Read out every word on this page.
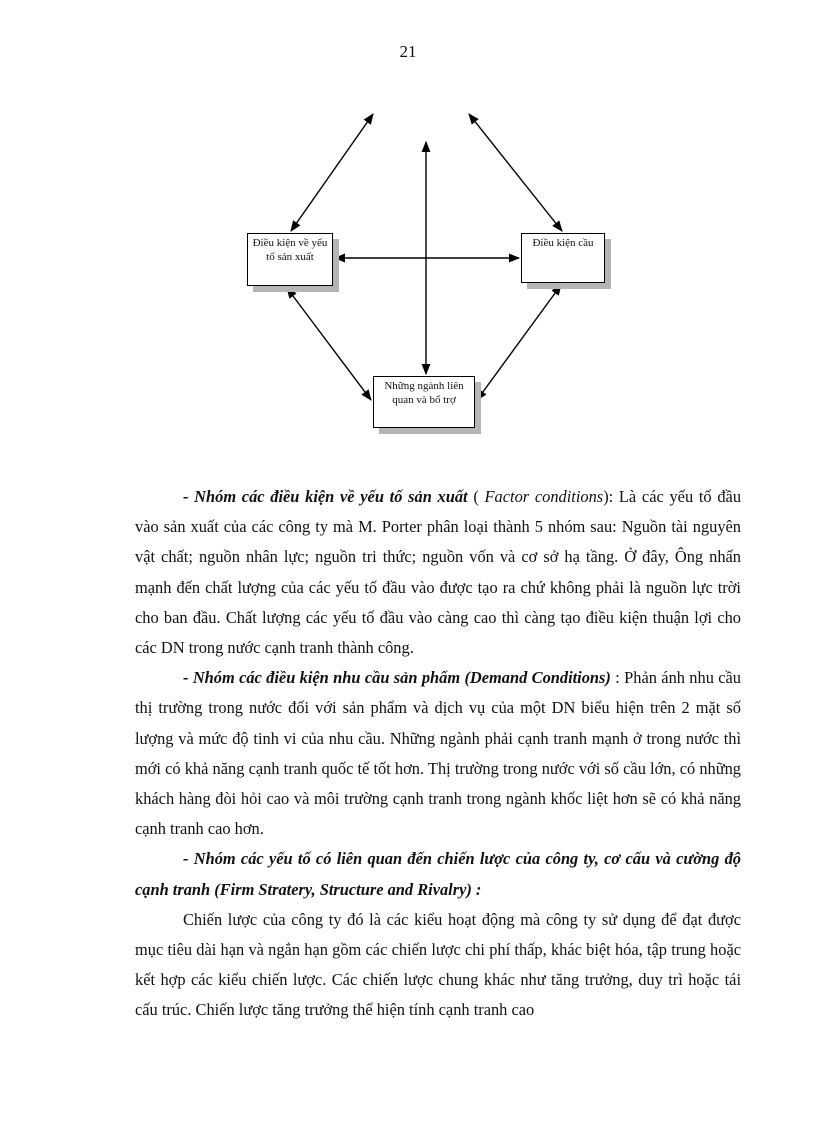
21
Điều kiện về yếu tố sản xuất
Điều kiện cầu
Những ngành liên quan và bổ trợ

- Nhóm các điều kiện về yếu tố sản xuất ( Factor conditions): Là các yếu tố đầu vào sản xuất của các công ty mà M. Porter phân loại thành 5 nhóm sau: Nguồn tài nguyên vật chất; nguồn nhân lực; nguồn tri thức; nguồn vốn và cơ sở hạ tầng. Ở đây, Ông nhấn mạnh đến chất lượng của các yếu tố đầu vào được tạo ra chứ không phải là nguồn lực trời cho ban đầu. Chất lượng các yếu tố đầu vào càng cao thì càng tạo điều kiện thuận lợi cho các DN trong nước cạnh tranh thành công.

- Nhóm các điều kiện nhu cầu sản phẩm (Demand Conditions) : Phản ánh nhu cầu thị trường trong nước đối với sản phẩm và dịch vụ của một DN biểu hiện trên 2 mặt số lượng và mức độ tinh vi của nhu cầu. Những ngành phải cạnh tranh mạnh ở trong nước thì mới có khả năng cạnh tranh quốc tế tốt hơn. Thị trường trong nước với số cầu lớn, có những khách hàng đòi hỏi cao và môi trường cạnh tranh trong ngành khốc liệt hơn sẽ có khả năng cạnh tranh cao hơn.

- Nhóm các yếu tố có liên quan đến chiến lược của công ty, cơ cấu và cường độ cạnh tranh (Firm Stratery, Structure and Rivalry) :

Chiến lược của công ty đó là các kiểu hoạt động mà công ty sử dụng để đạt được mục tiêu dài hạn và ngắn hạn gồm các chiến lược chi phí thấp, khác biệt hóa, tập trung hoặc kết hợp các kiểu chiến lược. Các chiến lược chung khác như tăng trưởng, duy trì hoặc tái cấu trúc. Chiến lược tăng trưởng thể hiện tính cạnh tranh cao
